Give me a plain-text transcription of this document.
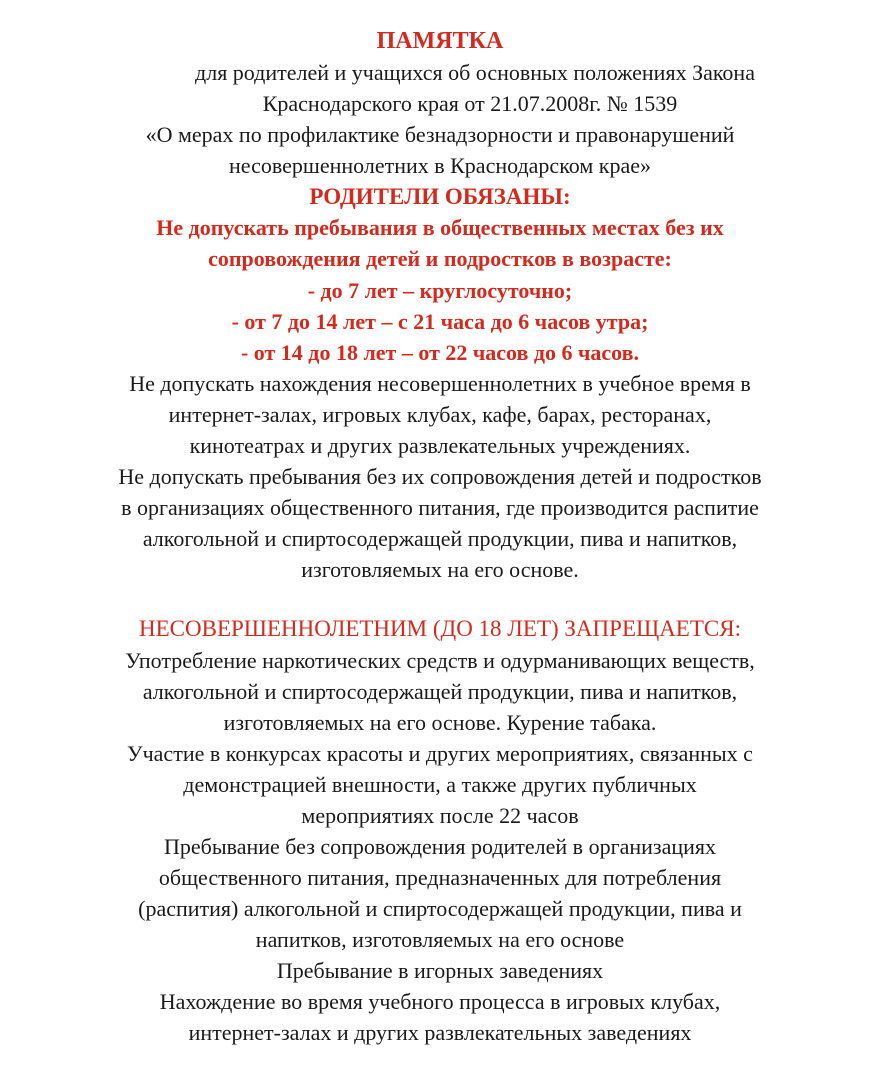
ПАМЯТКА
для родителей и учащихся об основных положениях Закона
Краснодарского края от 21.07.2008г. № 1539
«О мерах по профилактике безнадзорности и правонарушений
несовершеннолетних в Краснодарском крае»
РОДИТЕЛИ ОБЯЗАНЫ:
Не допускать пребывания в общественных местах без их
сопровождения детей и подростков в возрасте:
- до 7 лет – круглосуточно;
- от 7 до 14 лет – с 21 часа до 6 часов утра;
- от 14 до 18 лет – от 22 часов до 6 часов.
Не допускать нахождения несовершеннолетних в учебное время в
интернет-залах, игровых клубах, кафе, барах, ресторанах,
кинотеатрах и других развлекательных учреждениях.
Не допускать пребывания без их сопровождения детей и подростков
в организациях общественного питания, где производится распитие
алкогольной и спиртосодержащей продукции, пива и напитков,
изготовляемых на его основе.
НЕСОВЕРШЕННОЛЕТНИМ (ДО 18 ЛЕТ) ЗАПРЕЩАЕТСЯ:
Употребление наркотических средств и одурманивающих веществ,
алкогольной и спиртосодержащей продукции, пива и напитков,
изготовляемых на его основе. Курение табака.
Участие в конкурсах красоты и других мероприятиях, связанных с
демонстрацией внешности, а также других публичных
мероприятиях после 22 часов
Пребывание без сопровождения родителей в организациях
общественного питания, предназначенных для потребления
(распития) алкогольной и спиртосодержащей продукции, пива и
напитков, изготовляемых на его основе
Пребывание в игорных заведениях
Нахождение во время учебного процесса в игровых клубах,
интернет-залах и других развлекательных заведениях
